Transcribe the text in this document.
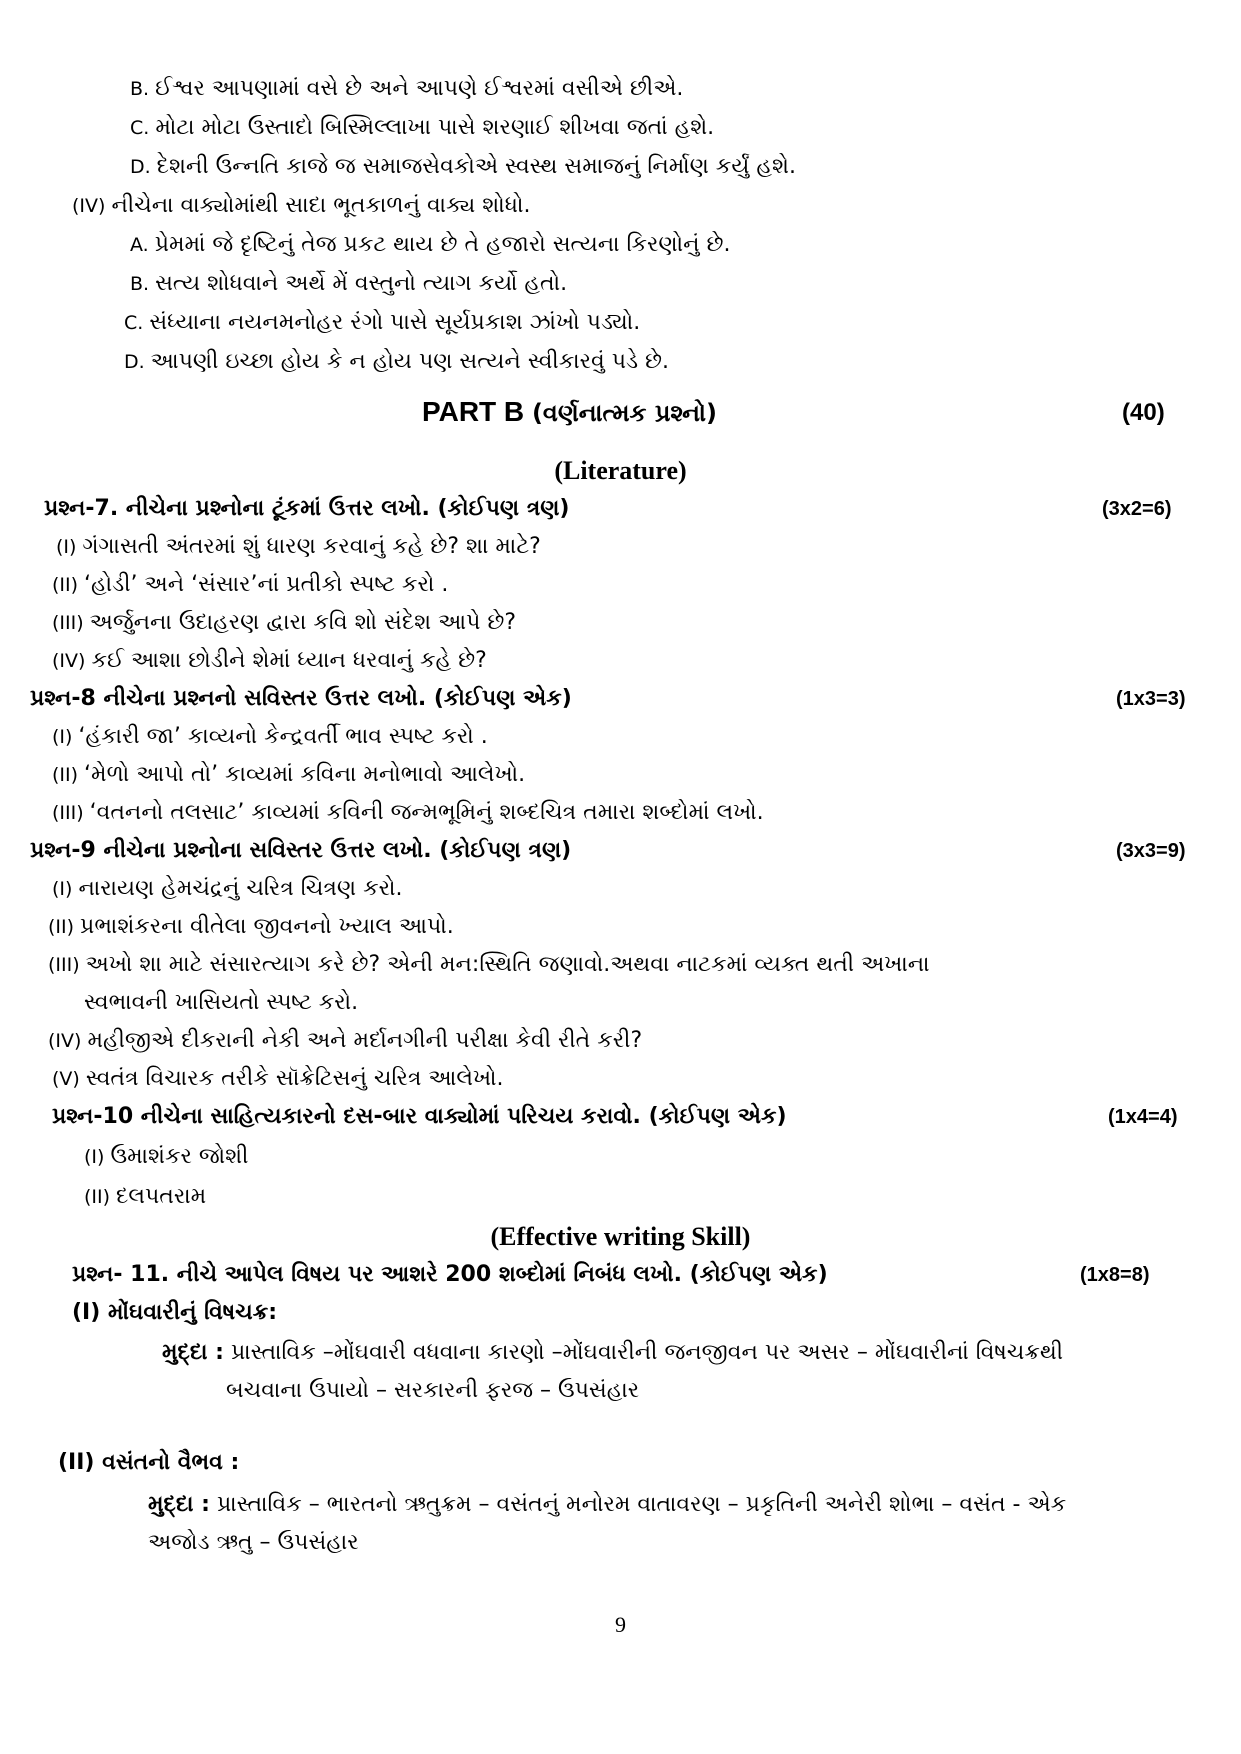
B. ઈશ્વર આપણામાં વસે છે અને આપણે ઈશ્વરમાં વસીએ છીએ.
C. મોટા મોટા ઉસ્તાદો બિસ્મિલ્લાખા પાસે શરણાઈ શીખવા જતાં હશે.
D. દેશની ઉન્નતિ કાજે જ સમાજસેવકોએ સ્વસ્થ સમાજનું નિર્માણ કર્યું હશે.
(IV) નીચેના વાક્યોમાંથી સાદા ભૂતકાળનું વાક્ય શોધો.
A. પ્રેમમાં જે દૃષ્ટિનું તેજ પ્રકટ થાય છે તે હજારો સત્યના કિરણોનું છે.
B. સત્ય શોધવાને અર્થે મેં વસ્તુનો ત્યાગ કર્યો હતો.
C. સંધ્યાના નયનમનોહર રંગો પાસે સૂર્યપ્રકાશ ઝાંખો પડ્યો.
D. આપણી ઇચ્છા હોય કે ન હોય પણ સત્યને સ્વીકારવું પડે છે.
PART B (વર્ણનાત્મક પ્રશ્નો)	(40)
(Literature)
પ્રશ્ન-7. નીચેના પ્રશ્નોના ટૂંકમાં ઉત્તર લખો. (કોઈપણ ત્રણ)	(3x2=6)
(I) ગંગાસતી અંતરમાં શું ધારણ કરવાનું કહે છે? શા માટે?
(II) ‘હોડી’ અને ‘સંસાર’નાં પ્રતીકો સ્પષ્ટ કરો .
(III) અર્જુનના ઉદાહરણ દ્વારા કવિ શો સંદેશ આપે છે?
(IV) કઈ આશા છોડીને શેમાં ધ્યાન ધરવાનું કહે છે?
પ્રશ્ન-8 નીચેના પ્રશ્નનો સવિસ્તર ઉત્તર લખો. (કોઈપણ એક)	(1x3=3)
(I) ‘હંકારી જા’ કાવ્યનો કેન્દ્રવર્તી ભાવ સ્પષ્ટ કરો .
(II) ‘મેળો આપો તો’ કાવ્યમાં કવિના મનોભાવો આલેખો.
(III) ‘વતનનો તલસાટ’ કાવ્યમાં કવિની જન્મભૂમિનું શબ્દચિત્ર તમારા શબ્દોમાં લખો.
પ્રશ્ન-9 નીચેના પ્રશ્નોના સવિસ્તર ઉત્તર લખો. (કોઈપણ ત્રણ)	(3x3=9)
(I) નારાયણ હેમચંદ્રનું ચરિત્ર ચિત્રણ કરો.
(II) પ્રભાશંકરના વીતેલા જીવનનો ખ્યાલ આપો.
(III) અખો શા માટે સંસારત્યાગ કરે છે? એની મન:સ્થિતિ જણાવો.અથવા નાટકમાં વ્યક્ત થતી અખાના
સ્વભાવની ખાસિયતો સ્પષ્ટ કરો.
(IV) મહીજીએ દીકરાની નેકી અને મર્દાનગીની પરીક્ષા કેવી રીતે કરી?
(V) સ્વતંત્ર વિચારક તરીકે સૉક્રેટિસનું ચરિત્ર આલેખો.
પ્રશ્ન-10 નીચેના સાહિત્યકારનો દસ-બાર વાક્યોમાં પરિચય કરાવો. (કોઈપણ એક)	(1x4=4)
(I) ઉમાશંકર જોશી
(II) દલપતરામ
(Effective writing Skill)
પ્રશ્ન- 11. નીચે આપેલ વિષય પર આશરે 200 શબ્દોમાં નિબંધ લખો. (કોઈપણ એક)	(1x8=8)
(I) મોંઘવારીનું વિષચક્ર:
મુદ્દા : પ્રાસ્તાવિક –મોંઘવારી વધવાના કારણો –મોંઘવારીની જનજીવન પર અસર – મોંઘવારીનાં વિષચક્રથી
બચવાના ઉપાયો – સરકારની ફરજ – ઉપસંહાર
(II) વસંતનો વૈભવ :
મુદ્દા : પ્રાસ્તાવિક – ભારતનો ઋતુક્રમ – વસંતનું મનોરમ વાતાવરણ – પ્રકૃતિની અનેરી શોભા – વસંત - એક
અજોડ ઋતુ – ઉપસંહાર
9
